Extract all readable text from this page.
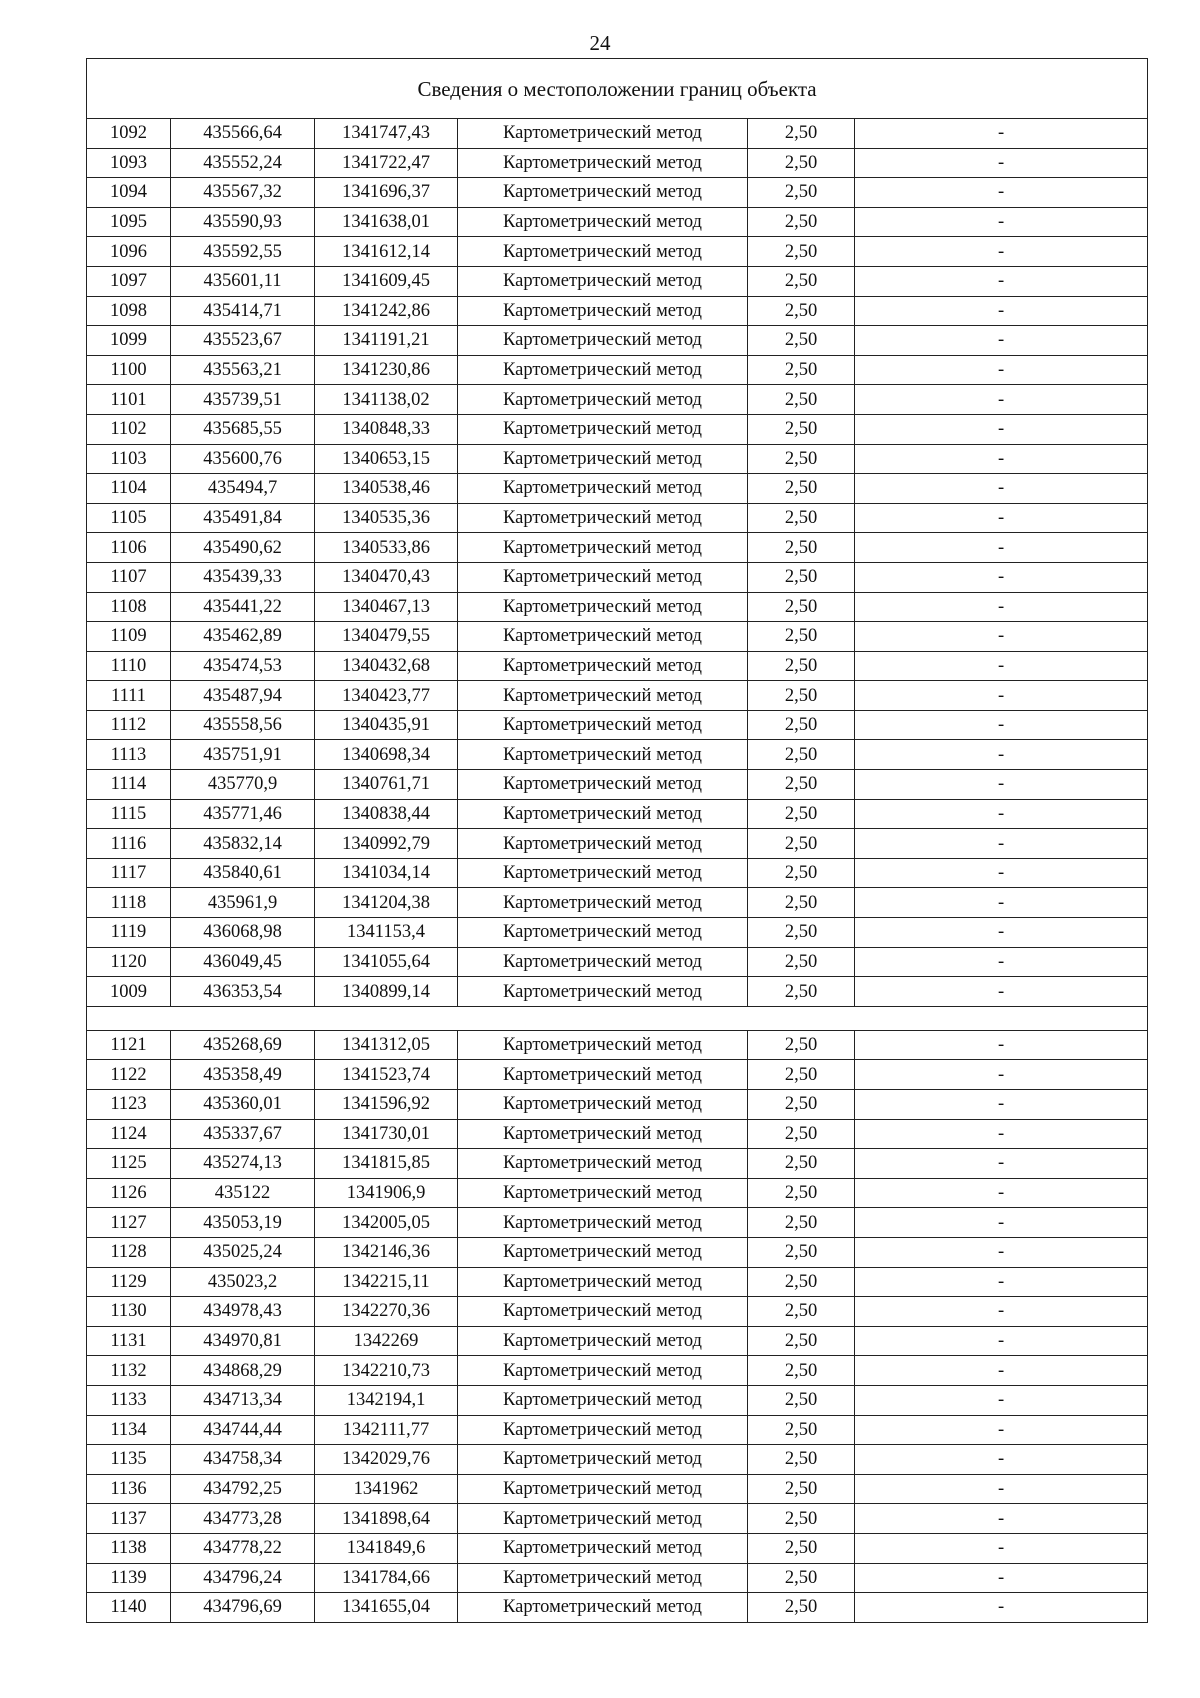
24
Сведения о местоположении границ объекта					
1092	435566,64	1341747,43	Картометрический метод	2,50	-
1093	435552,24	1341722,47	Картометрический метод	2,50	-
1094	435567,32	1341696,37	Картометрический метод	2,50	-
1095	435590,93	1341638,01	Картометрический метод	2,50	-
1096	435592,55	1341612,14	Картометрический метод	2,50	-
1097	435601,11	1341609,45	Картометрический метод	2,50	-
1098	435414,71	1341242,86	Картометрический метод	2,50	-
1099	435523,67	1341191,21	Картометрический метод	2,50	-
1100	435563,21	1341230,86	Картометрический метод	2,50	-
1101	435739,51	1341138,02	Картометрический метод	2,50	-
1102	435685,55	1340848,33	Картометрический метод	2,50	-
1103	435600,76	1340653,15	Картометрический метод	2,50	-
1104	435494,7	1340538,46	Картометрический метод	2,50	-
1105	435491,84	1340535,36	Картометрический метод	2,50	-
1106	435490,62	1340533,86	Картометрический метод	2,50	-
1107	435439,33	1340470,43	Картометрический метод	2,50	-
1108	435441,22	1340467,13	Картометрический метод	2,50	-
1109	435462,89	1340479,55	Картометрический метод	2,50	-
1110	435474,53	1340432,68	Картометрический метод	2,50	-
1111	435487,94	1340423,77	Картометрический метод	2,50	-
1112	435558,56	1340435,91	Картометрический метод	2,50	-
1113	435751,91	1340698,34	Картометрический метод	2,50	-
1114	435770,9	1340761,71	Картометрический метод	2,50	-
1115	435771,46	1340838,44	Картометрический метод	2,50	-
1116	435832,14	1340992,79	Картометрический метод	2,50	-
1117	435840,61	1341034,14	Картометрический метод	2,50	-
1118	435961,9	1341204,38	Картометрический метод	2,50	-
1119	436068,98	1341153,4	Картометрический метод	2,50	-
1120	436049,45	1341055,64	Картометрический метод	2,50	-
1009	436353,54	1340899,14	Картометрический метод	2,50	-

1121	435268,69	1341312,05	Картометрический метод	2,50	-
1122	435358,49	1341523,74	Картометрический метод	2,50	-
1123	435360,01	1341596,92	Картометрический метод	2,50	-
1124	435337,67	1341730,01	Картометрический метод	2,50	-
1125	435274,13	1341815,85	Картометрический метод	2,50	-
1126	435122	1341906,9	Картометрический метод	2,50	-
1127	435053,19	1342005,05	Картометрический метод	2,50	-
1128	435025,24	1342146,36	Картометрический метод	2,50	-
1129	435023,2	1342215,11	Картометрический метод	2,50	-
1130	434978,43	1342270,36	Картометрический метод	2,50	-
1131	434970,81	1342269	Картометрический метод	2,50	-
1132	434868,29	1342210,73	Картометрический метод	2,50	-
1133	434713,34	1342194,1	Картометрический метод	2,50	-
1134	434744,44	1342111,77	Картометрический метод	2,50	-
1135	434758,34	1342029,76	Картометрический метод	2,50	-
1136	434792,25	1341962	Картометрический метод	2,50	-
1137	434773,28	1341898,64	Картометрический метод	2,50	-
1138	434778,22	1341849,6	Картометрический метод	2,50	-
1139	434796,24	1341784,66	Картометрический метод	2,50	-
1140	434796,69	1341655,04	Картометрический метод	2,50	-
